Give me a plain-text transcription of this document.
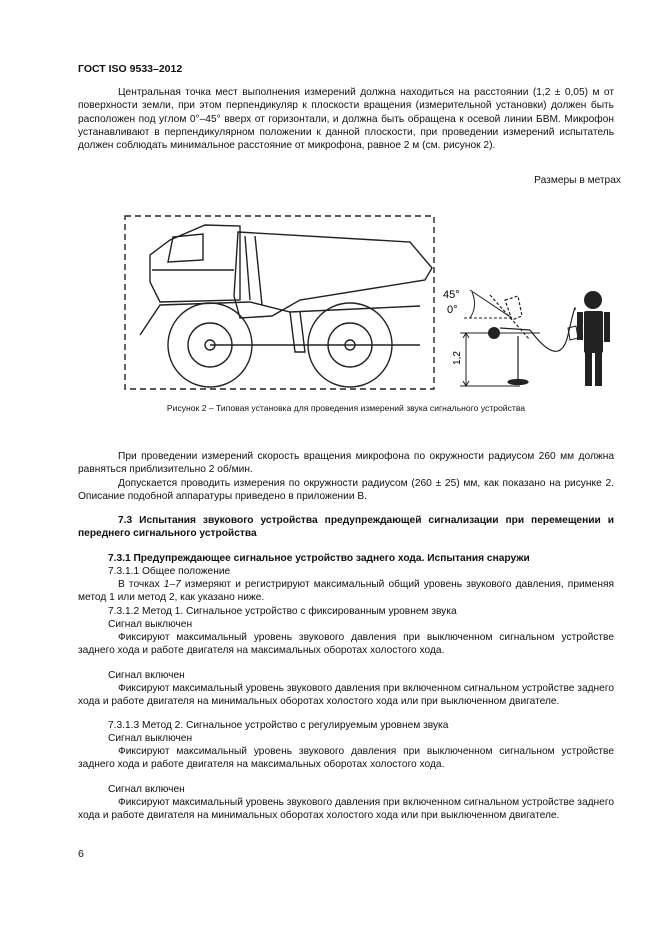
ГОСТ ISO 9533–2012

Центральная точка мест выполнения измерений должна находиться на расстоянии (1,2 ± 0,05) м от поверхности земли, при этом перпендикуляр к плоскости вращения (измерительной установки) должен быть расположен под углом 0°–45° вверх от горизонтали, и должна быть обращена к осевой линии БВМ. Микрофон устанавливают в перпендикулярном положении к данной плоскости, при проведении измерений испытатель должен соблюдать минимальное расстояние от микрофона, равное 2 м (см. рисунок 2).

Размеры в метрах
1,2
45°
0°
Рисунок 2 – Типовая установка для проведения измерений звука сигнального устройства

При проведении измерений скорость вращения микрофона по окружности радиусом 260 мм должна равняться приблизительно 2 об/мин.

Допускается проводить измерения по окружности радиусом (260 ± 25) мм, как показано на рисунке 2. Описание подобной аппаратуры приведено в приложении В.

7.3 Испытания звукового устройства предупреждающей сигнализации при перемещении и переднего сигнального устройства

7.3.1 Предупреждающее сигнальное устройство заднего хода. Испытания снаружи

7.3.1.1 Общее положение

В точках 1–7 измеряют и регистрируют максимальный общий уровень звукового давления, применяя метод 1 или метод 2, как указано ниже.

7.3.1.2 Метод 1. Сигнальное устройство с фиксированным уровнем звука

Сигнал выключен

Фиксируют максимальный уровень звукового давления при выключенном сигнальном устройстве заднего хода и работе двигателя на максимальных оборотах холостого хода.

Сигнал включен

Фиксируют максимальный уровень звукового давления при включенном сигнальном устройстве заднего хода и работе двигателя на минимальных оборотах холостого хода или при выключенном двигателе.

7.3.1.3 Метод 2. Сигнальное устройство с регулируемым уровнем звука

Сигнал выключен

Фиксируют максимальный уровень звукового давления при выключенном сигнальном устройстве заднего хода и работе двигателя на максимальных оборотах холостого хода.

Сигнал включен

Фиксируют максимальный уровень звукового давления при включенном сигнальном устройстве заднего хода и работе двигателя на минимальных оборотах холостого хода или при выключенном двигателе.

6
